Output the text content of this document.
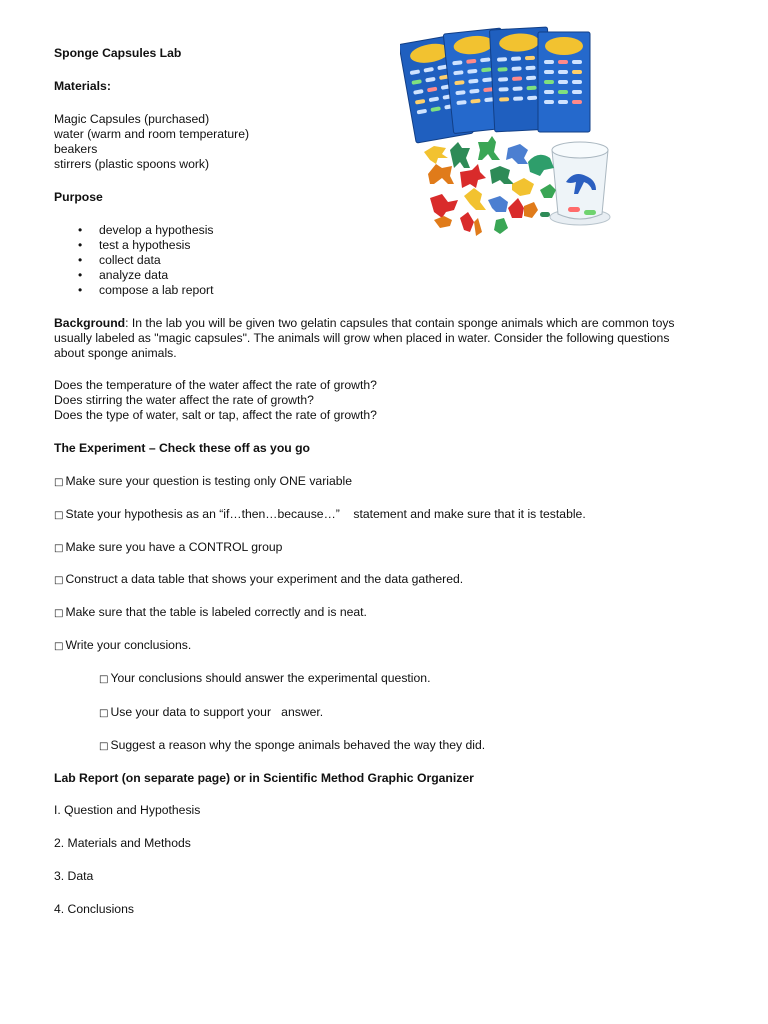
Sponge Capsules Lab
Materials:
Magic Capsules (purchased)
water (warm and room temperature)
beakers
stirrers (plastic spoons work)
Purpose
• develop a hypothesis
• test a hypothesis
• collect data
• analyze data
• compose a lab report
Background: In the lab you will be given two gelatin capsules that contain sponge animals which are common toys
usually labeled as "magic capsules". The animals will grow when placed in water. Consider the following questions
about sponge animals.
Does the temperature of the water affect the rate of growth?
Does stirring the water affect the rate of growth?
Does the type of water, salt or tap, affect the rate of growth?
The Experiment – Check these off as you go
□ Make sure your question is testing only ONE variable
□ State your hypothesis as an “if…then…because…”    statement and make sure that it is testable.
□ Make sure you have a CONTROL group
□ Construct a data table that shows your experiment and the data gathered.
□ Make sure that the table is labeled correctly and is neat.
□ Write your conclusions.
□ Your conclusions should answer the experimental question.
□ Use your data to support your   answer.
□ Suggest a reason why the sponge animals behaved the way they did.
Lab Report (on separate page) or in Scientific Method Graphic Organizer
I. Question and Hypothesis
2. Materials and Methods
3. Data
4. Conclusions
